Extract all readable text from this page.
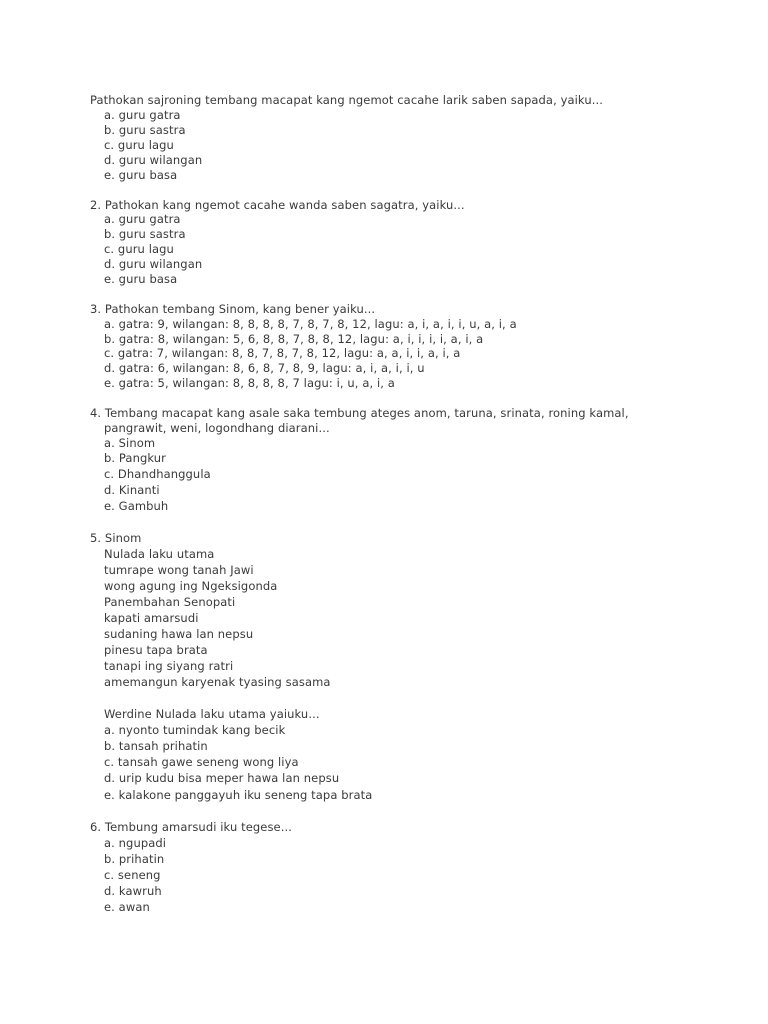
Pathokan sajroning tembang macapat kang ngemot cacahe larik saben sapada, yaiku...
a. guru gatra
b. guru sastra
c. guru lagu
d. guru wilangan
e. guru basa
2. Pathokan kang ngemot cacahe wanda saben sagatra, yaiku...
a. guru gatra
b. guru sastra
c. guru lagu
d. guru wilangan
e. guru basa
3. Pathokan tembang Sinom, kang bener yaiku...
a. gatra: 9, wilangan: 8, 8, 8, 8, 7, 8, 7, 8, 12, lagu: a, i, a, i, i, u, a, i, a
b. gatra: 8, wilangan: 5, 6, 8, 8, 7, 8, 8, 12, lagu: a, i, i, i, i, a, i, a
c. gatra: 7, wilangan: 8, 8, 7, 8, 7, 8, 12, lagu: a, a, i, i, a, i, a
d. gatra: 6, wilangan: 8, 6, 8, 7, 8, 9, lagu: a, i, a, i, i, u
e. gatra: 5, wilangan: 8, 8, 8, 8, 7 lagu: i, u, a, i, a
4. Tembang macapat kang asale saka tembung ateges anom, taruna, srinata, roning kamal,
pangrawit, weni, logondhang diarani...
a. Sinom
b. Pangkur
c. Dhandhanggula
d. Kinanti
e. Gambuh
5. Sinom
Nulada laku utama
tumrape wong tanah Jawi
wong agung ing Ngeksigonda
Panembahan Senopati
kapati amarsudi
sudaning hawa lan nepsu
pinesu tapa brata
tanapi ing siyang ratri
amemangun karyenak tyasing sasama
Werdine Nulada laku utama yaiuku...
a. nyonto tumindak kang becik
b. tansah prihatin
c. tansah gawe seneng wong liya
d. urip kudu bisa meper hawa lan nepsu
e. kalakone panggayuh iku seneng tapa brata
6. Tembung amarsudi iku tegese...
a. ngupadi
b. prihatin
c. seneng
d. kawruh
e. awan
